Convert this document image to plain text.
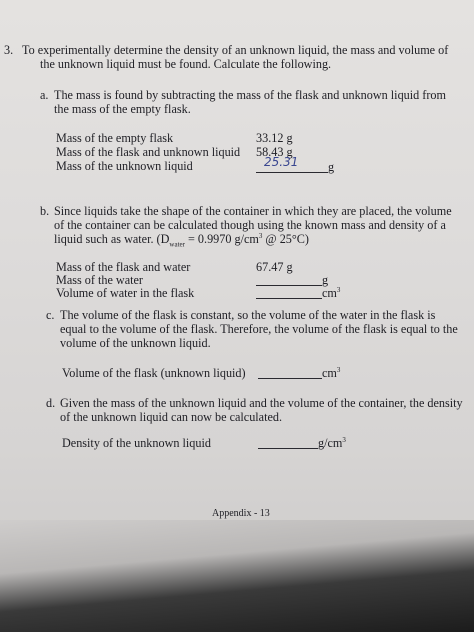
3. To experimentally determine the density of an unknown liquid, the mass and volume of
the unknown liquid must be found. Calculate the following.
a. The mass is found by subtracting the mass of the flask and unknown liquid from
the mass of the empty flask.
Mass of the empty flask	33.12 g
Mass of the flask and unknown liquid 58.43 g
Mass of the unknown liquid	25.31 g
b. Since liquids take the shape of the container in which they are placed, the volume
of the container can be calculated though using the known mass and density of a
liquid such as water. ($D_{water} = 0.9970$ $g/cm^3$ @ 25°C)
Mass of the flask and water	67.47 g
Mass of the water	g
Volume of water in the flask	$cm^3$
c. The volume of the flask is constant, so the volume of the water in the flask is
equal to the volume of the flask. Therefore, the volume of the flask is equal to the
volume of the unknown liquid.
Volume of the flask (unknown liquid)	$cm^3$
d. Given the mass of the unknown liquid and the volume of the container, the density
of the unknown liquid can now be calculated.
Density of the unknown liquid	$g/cm^3$
Appendix - 13
